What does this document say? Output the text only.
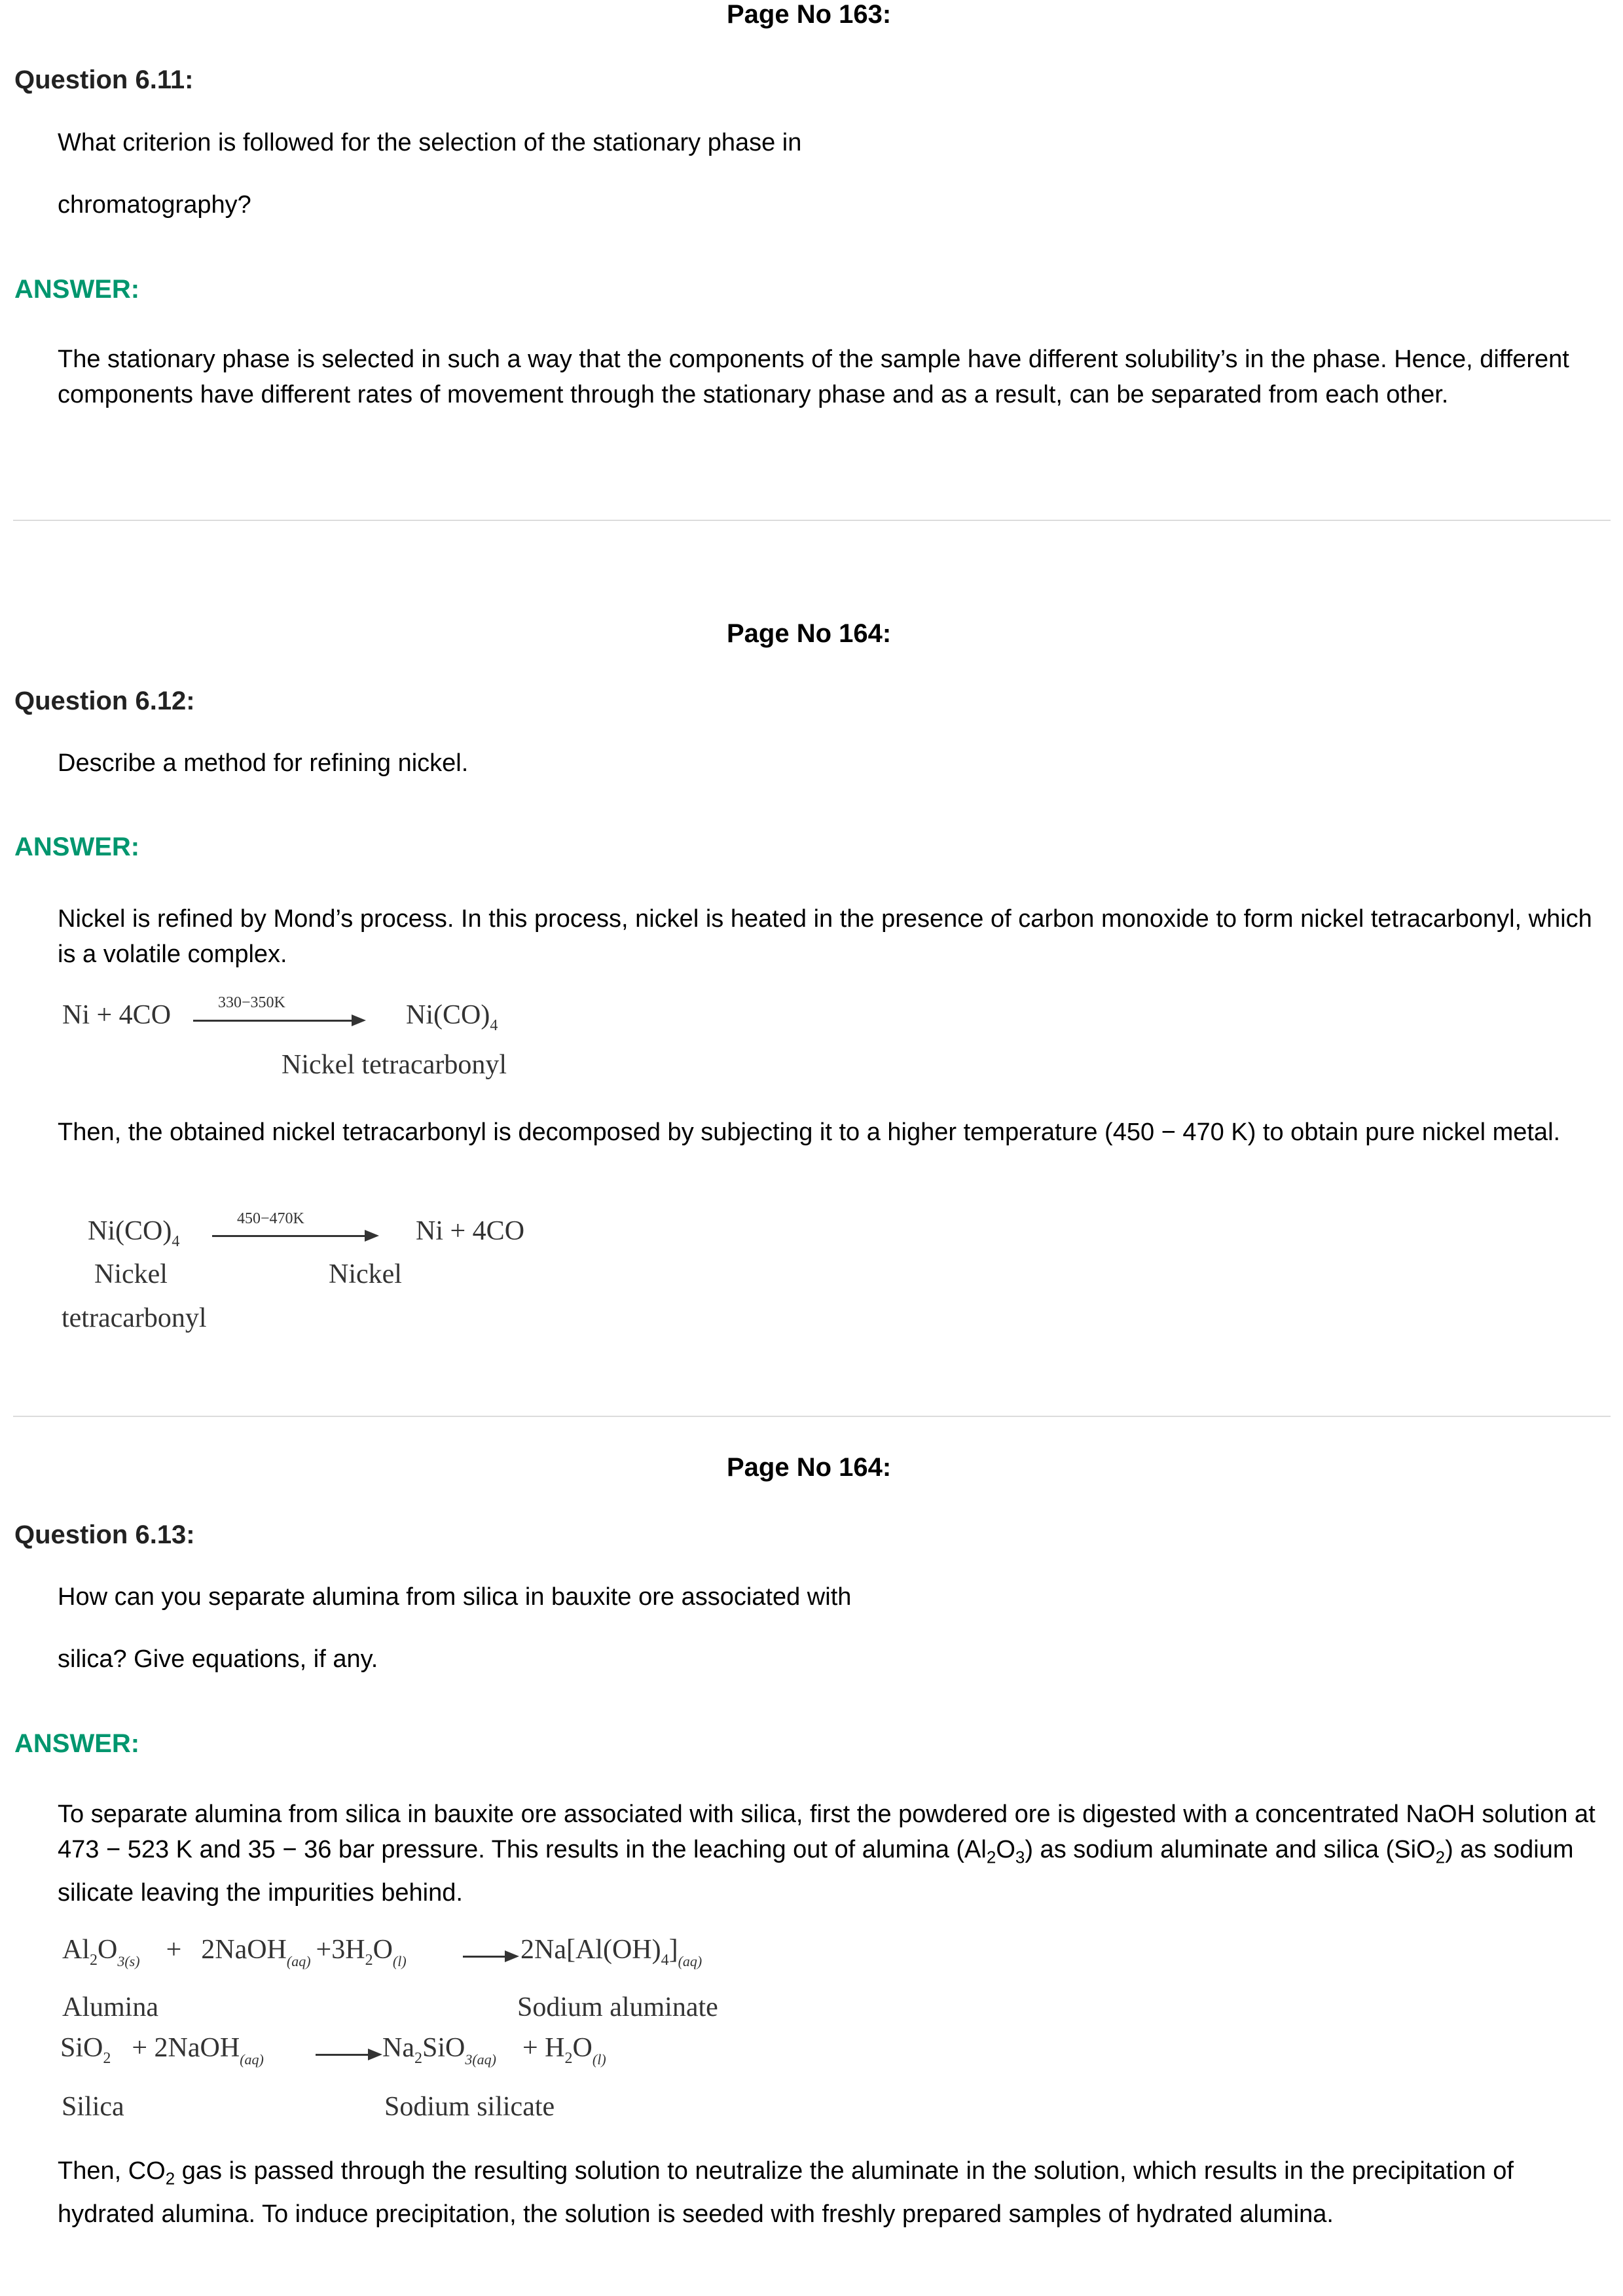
Page No 163:
Question 6.11:
What criterion is followed for the selection of the stationary phase in
chromatography?
ANSWER:
The stationary phase is selected in such a way that the components of the sample have different solubility’s in the phase. Hence, different components have different rates of movement through the stationary phase and as a result, can be separated from each other.
Page No 164:
Question 6.12:
Describe a method for refining nickel.
ANSWER:
Nickel is refined by Mond’s process. In this process, nickel is heated in the presence of carbon monoxide to form nickel tetracarbonyl, which is a volatile complex.
Ni + 4CO	330−350K	$Ni(CO)_4$
Nickel tetracarbonyl
Then, the obtained nickel tetracarbonyl is decomposed by subjecting it to a higher temperature (450 − 470 K) to obtain pure nickel metal.
$Ni(CO)_4$
450−470K	Ni + 4CO
Nickel
tetracarbonyl
Nickel
Page No 164:
Question 6.13:
How can you separate alumina from silica in bauxite ore associated with
silica? Give equations, if any.
ANSWER:
To separate alumina from silica in bauxite ore associated with silica, first the powdered ore is digested with a concentrated NaOH solution at 473 − 523 K and 35 − 36 bar pressure. This results in the leaching out of alumina $(Al_2O_3)$ as sodium aluminate and silica (SiO$_2$) as sodium silicate leaving the impurities behind.
$Al_2O_{3(s)}$ + 2NaOH$_{(aq)}$ $+3H_2O_{(l)}$	$2Na[Al(OH)_4]_{(aq)}$
Alumina	Sodium aluminate
SiO$_2$ + 2NaOH$_{(aq)}$	$Na_2SiO_{3(aq)} + H_2O_{(l)}$
Silica	Sodium silicate
Then, $CO_2$ gas is passed through the resulting solution to neutralize the aluminate in the solution, which results in the precipitation of hydrated alumina. To induce precipitation, the solution is seeded with freshly prepared samples of hydrated alumina.
